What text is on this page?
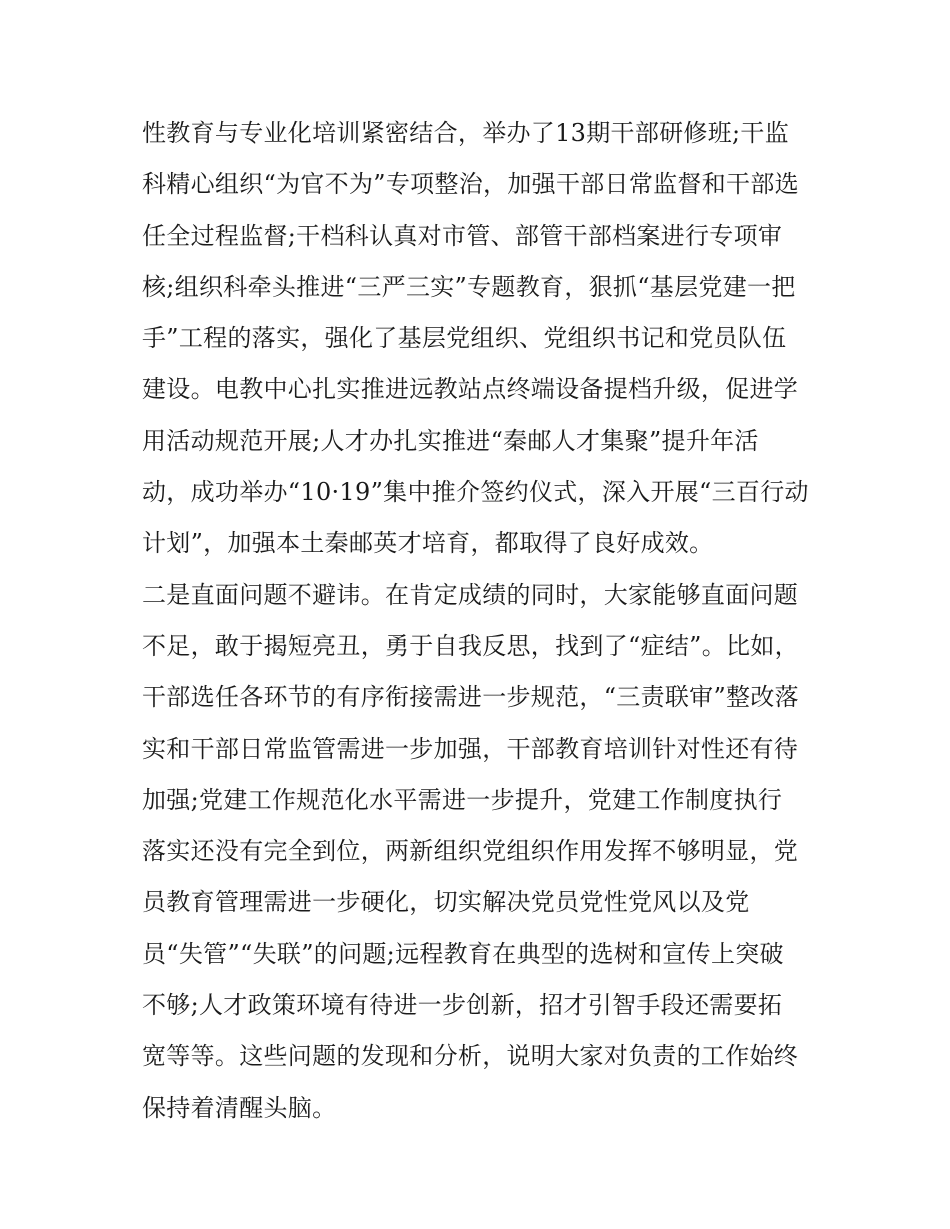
性教育与专业化培训紧密结合，举办了13期干部研修班;干监
科精心组织“为官不为”专项整治，加强干部日常监督和干部选
任全过程监督;干档科认真对市管、部管干部档案进行专项审
核;组织科牵头推进“三严三实”专题教育，狠抓“基层党建一把
手”工程的落实，强化了基层党组织、党组织书记和党员队伍
建设。电教中心扎实推进远教站点终端设备提档升级，促进学
用活动规范开展;人才办扎实推进“秦邮人才集聚”提升年活
动，成功举办“10·19”集中推介签约仪式，深入开展“三百行动
计划”，加强本土秦邮英才培育，都取得了良好成效。
二是直面问题不避讳。在肯定成绩的同时，大家能够直面问题
不足，敢于揭短亮丑，勇于自我反思，找到了“症结”。比如，
干部选任各环节的有序衔接需进一步规范，“三责联审”整改落
实和干部日常监管需进一步加强，干部教育培训针对性还有待
加强;党建工作规范化水平需进一步提升，党建工作制度执行
落实还没有完全到位，两新组织党组织作用发挥不够明显，党
员教育管理需进一步硬化，切实解决党员党性党风以及党
员“失管”“失联”的问题;远程教育在典型的选树和宣传上突破
不够;人才政策环境有待进一步创新，招才引智手段还需要拓
宽等等。这些问题的发现和分析，说明大家对负责的工作始终
保持着清醒头脑。
